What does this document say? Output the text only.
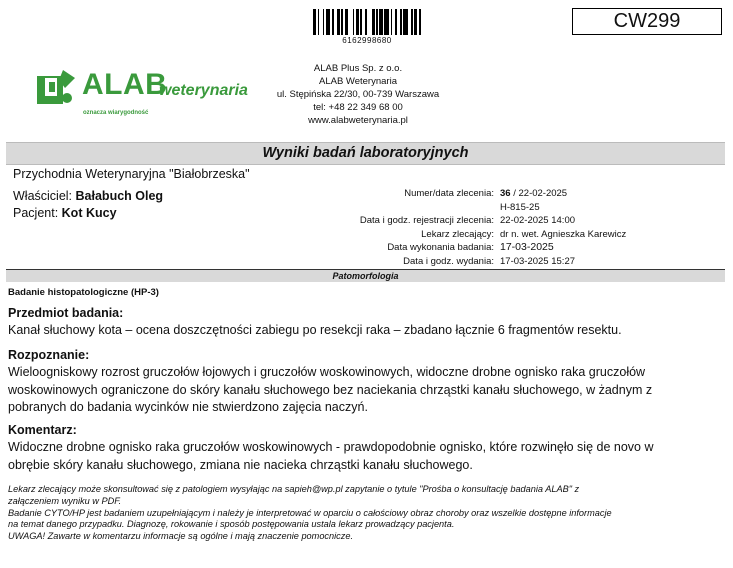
6162998680
CW299
ALAB
weterynaria
oznacza wiarygodność
ALAB Plus Sp. z o.o.
ALAB Weterynaria
ul. Stępińska 22/30, 00-739 Warszawa
tel: +48 22 349 68 00
www.alabweterynaria.pl
Wyniki badań laboratoryjnych
Przychodnia Weterynaryjna "Białobrzeska"
Właściciel: Bałabuch Oleg
Pacjent: Kot Kucy
Numer/data zlecenia:

Data i godz. rejestracji zlecenia:
Lekarz zlecający:
Data wykonania badania:
Data i godz. wydania:
36 / 22-02-2025
H-815-25
22-02-2025 14:00
dr n. wet. Agnieszka Karewicz
17-03-2025
17-03-2025 15:27
Patomorfologia
Badanie histopatologiczne (HP-3)
Przedmiot badania:
Kanał słuchowy kota – ocena doszczętności zabiegu po resekcji raka – zbadano łącznie 6 fragmentów resektu.
Rozpoznanie:
Wieloogniskowy rozrost gruczołów łojowych i gruczołów woskowinowych, widoczne drobne ognisko raka gruczołów
woskowinowych ograniczone do skóry kanału słuchowego bez naciekania chrząstki kanału słuchowego, w żadnym z
pobranych do badania wycinków nie stwierdzono zajęcia naczyń.
Komentarz:
Widoczne drobne ognisko raka gruczołów woskowinowych - prawdopodobnie ognisko, które rozwinęło się de novo w
obrębie skóry kanału słuchowego, zmiana nie nacieka chrząstki kanału słuchowego.
Lekarz zlecający może skonsultować się z patologiem wysyłając na sapieh@wp.pl zapytanie o tytule "Prośba o konsultację badania ALAB" z
załączeniem wyniku w PDF.
Badanie CYTO/HP jest badaniem uzupełniającym i należy je interpretować w oparciu o całościowy obraz choroby oraz wszelkie dostępne informacje
na temat danego przypadku. Diagnozę, rokowanie i sposób postępowania ustala lekarz prowadzący pacjenta.
UWAGA! Zawarte w komentarzu informacje są ogólne i mają znaczenie pomocnicze.
